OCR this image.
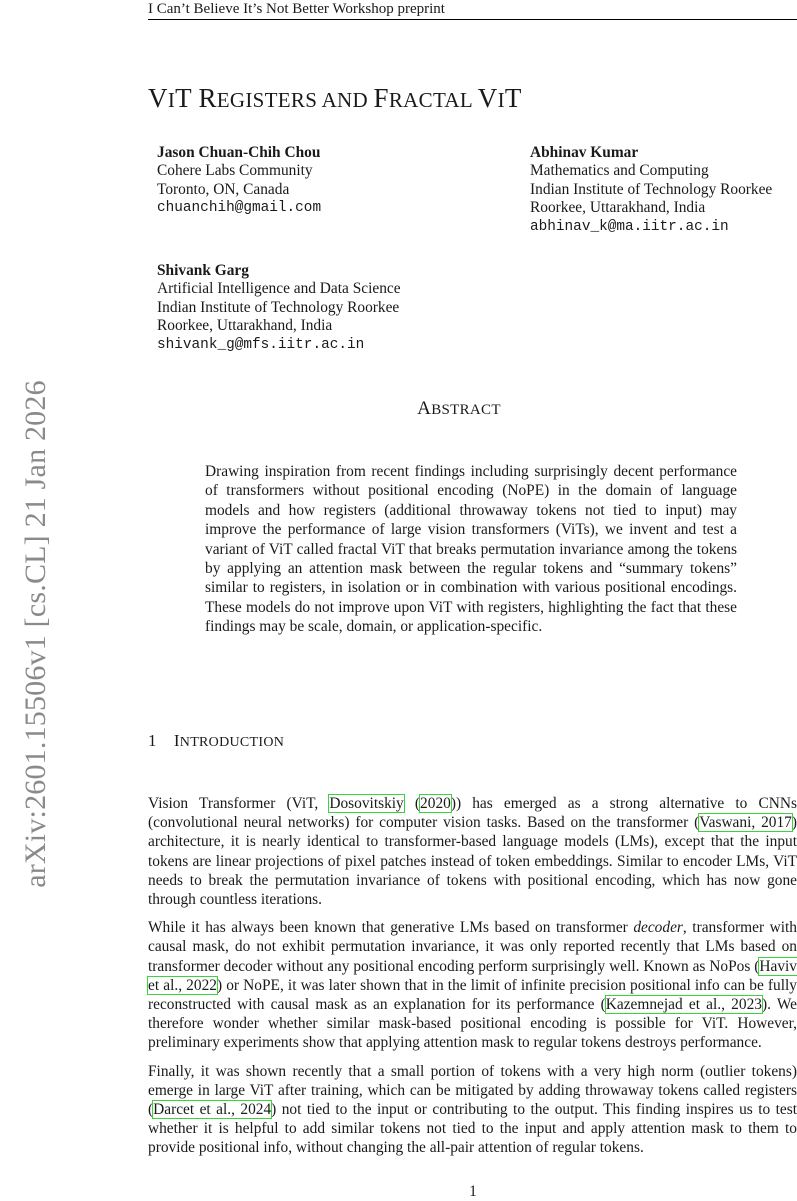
I Can’t Believe It’s Not Better Workshop preprint
arXiv:2601.15506v1 [cs.CL] 21 Jan 2026
VIT REGISTERS AND FRACTAL VIT
Jason Chuan-Chih Chou
Cohere Labs Community
Toronto, ON, Canada
chuanchih@gmail.com
Abhinav Kumar
Mathematics and Computing
Indian Institute of Technology Roorkee
Roorkee, Uttarakhand, India
abhinav_k@ma.iitr.ac.in
Shivank Garg
Artificial Intelligence and Data Science
Indian Institute of Technology Roorkee
Roorkee, Uttarakhand, India
shivank_g@mfs.iitr.ac.in
ABSTRACT
Drawing inspiration from recent findings including surprisingly decent performance of transformers without positional encoding (NoPE) in the domain of language models and how registers (additional throwaway tokens not tied to input) may improve the performance of large vision transformers (ViTs), we invent and test a variant of ViT called fractal ViT that breaks permutation invariance among the tokens by applying an attention mask between the regular tokens and “summary tokens” similar to registers, in isolation or in combination with various positional encodings. These models do not improve upon ViT with registers, highlighting the fact that these findings may be scale, domain, or application-specific.
1 INTRODUCTION

Vision Transformer (ViT, Dosovitskiy (2020)) has emerged as a strong alternative to CNNs (convolutional neural networks) for computer vision tasks. Based on the transformer (Vaswani, 2017) architecture, it is nearly identical to transformer-based language models (LMs), except that the input tokens are linear projections of pixel patches instead of token embeddings. Similar to encoder LMs, ViT needs to break the permutation invariance of tokens with positional encoding, which has now gone through countless iterations.

While it has always been known that generative LMs based on transformer decoder, transformer with causal mask, do not exhibit permutation invariance, it was only reported recently that LMs based on transformer decoder without any positional encoding perform surprisingly well. Known as NoPos (Haviv et al., 2022) or NoPE, it was later shown that in the limit of infinite precision positional info can be fully reconstructed with causal mask as an explanation for its performance (Kazemnejad et al., 2023). We therefore wonder whether similar mask-based positional encoding is possible for ViT. However, preliminary experiments show that applying attention mask to regular tokens destroys performance.

Finally, it was shown recently that a small portion of tokens with a very high norm (outlier tokens) emerge in large ViT after training, which can be mitigated by adding throwaway tokens called registers (Darcet et al., 2024) not tied to the input or contributing to the output. This finding inspires us to test whether it is helpful to add similar tokens not tied to the input and apply attention mask to them to provide positional info, without changing the all-pair attention of regular tokens.

1
